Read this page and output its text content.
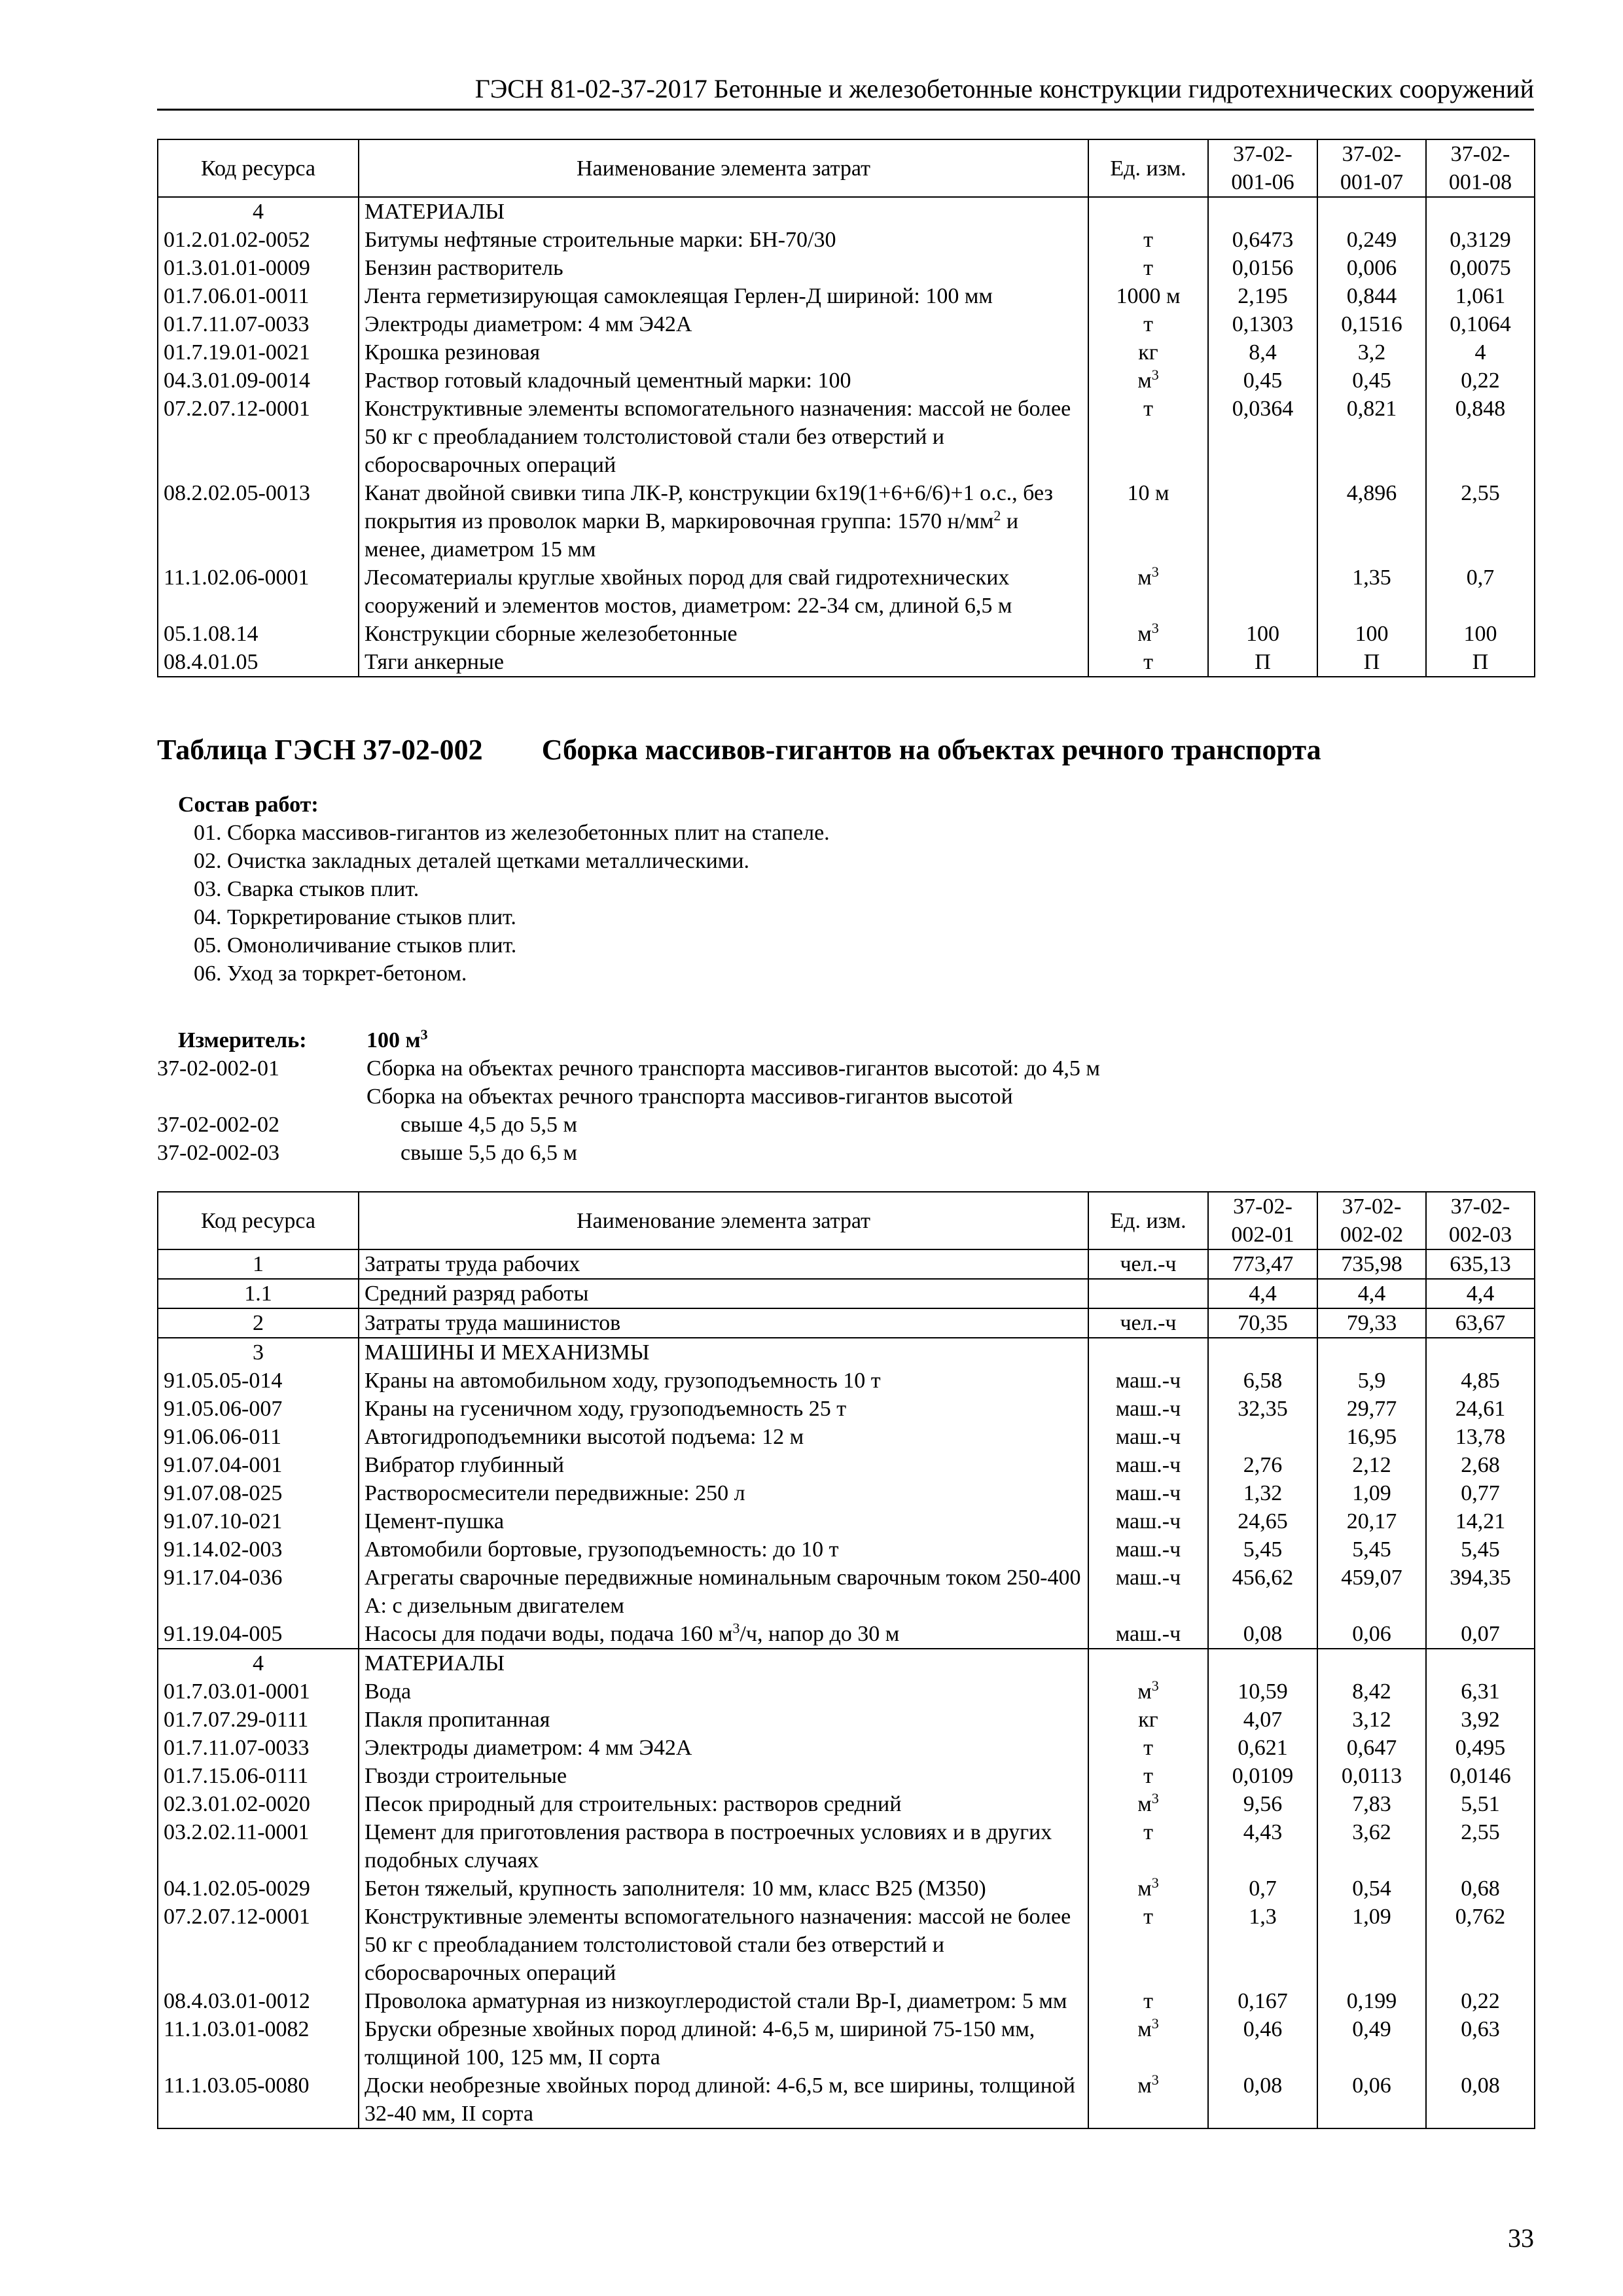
ГЭСН 81-02-37-2017 Бетонные и железобетонные конструкции гидротехнических сооружений
Код ресурса	Наименование элемента затрат	Ед. изм.	37-02-001-06	37-02-001-07	37-02-001-08
4	МАТЕРИАЛЫ				
01.2.01.02-0052	Битумы нефтяные строительные марки: БН-70/30	т	0,6473	0,249	0,3129
01.3.01.01-0009	Бензин растворитель	т	0,0156	0,006	0,0075
01.7.06.01-0011	Лента герметизирующая самоклеящая Герлен-Д шириной: 100 мм	1000 м	2,195	0,844	1,061
01.7.11.07-0033	Электроды диаметром: 4 мм Э42А	т	0,1303	0,1516	0,1064
01.7.19.01-0021	Крошка резиновая	кг	8,4	3,2	4
04.3.01.09-0014	Раствор готовый кладочный цементный марки: 100	$м^3$	0,45	0,45	0,22
07.2.07.12-0001	Конструктивные элементы вспомогательного назначения: массой не более 50 кг с преобладанием толстолистовой стали без отверстий и сборосварочных операций	т	0,0364	0,821	0,848
08.2.02.05-0013	Канат двойной свивки типа ЛК-Р, конструкции 6х19(1+6+6/6)+1 о.с., без покрытия из проволок марки В, маркировочная группа: 1570 $н/мм^2$ и менее, диаметром 15 мм	10 м		4,896	2,55
11.1.02.06-0001	Лесоматериалы круглые хвойных пород для свай гидротехнических сооружений и элементов мостов, диаметром: 22-34 см, длиной 6,5 м	$м^3$		1,35	0,7
05.1.08.14	Конструкции сборные железобетонные	$м^3$	100	100	100
08.4.01.05	Тяги анкерные	т	П	П	П
Таблица ГЭСН 37-02-002 Сборка массивов-гигантов на объектах речного транспорта
Состав работ:
01. Сборка массивов-гигантов из железобетонных плит на стапеле.
02. Очистка закладных деталей щетками металлическими.
03. Сварка стыков плит.
04. Торкретирование стыков плит.
05. Омоноличивание стыков плит.
06. Уход за торкрет-бетоном.
Измеритель:	100 $м^3$
37-02-002-01	Сборка на объектах речного транспорта массивов-гигантов высотой: до 4,5 м
Сборка на объектах речного транспорта массивов-гигантов высотой
37-02-002-02	свыше 4,5 до 5,5 м
37-02-002-03	свыше 5,5 до 6,5 м
Код ресурса	Наименование элемента затрат	Ед. изм.	37-02-002-01	37-02-002-02	37-02-002-03
1	Затраты труда рабочих	чел.-ч	773,47	735,98	635,13
1.1	Средний разряд работы		4,4	4,4	4,4
2	Затраты труда машинистов	чел.-ч	70,35	79,33	63,67
3	МАШИНЫ И МЕХАНИЗМЫ				
91.05.05-014	Краны на автомобильном ходу, грузоподъемность 10 т	маш.-ч	6,58	5,9	4,85
91.05.06-007	Краны на гусеничном ходу, грузоподъемность 25 т	маш.-ч	32,35	29,77	24,61
91.06.06-011	Автогидроподъемники высотой подъема: 12 м	маш.-ч		16,95	13,78
91.07.04-001	Вибратор глубинный	маш.-ч	2,76	2,12	2,68
91.07.08-025	Растворосмесители передвижные: 250 л	маш.-ч	1,32	1,09	0,77
91.07.10-021	Цемент-пушка	маш.-ч	24,65	20,17	14,21
91.14.02-003	Автомобили бортовые, грузоподъемность: до 10 т	маш.-ч	5,45	5,45	5,45
91.17.04-036	Агрегаты сварочные передвижные номинальным сварочным током 250-400 А: с дизельным двигателем	маш.-ч	456,62	459,07	394,35
91.19.04-005	Насосы для подачи воды, подача 160 $м^3/ч$, напор до 30 м	маш.-ч	0,08	0,06	0,07
4	МАТЕРИАЛЫ				
01.7.03.01-0001	Вода	$м^3$	10,59	8,42	6,31
01.7.07.29-0111	Пакля пропитанная	кг	4,07	3,12	3,92
01.7.11.07-0033	Электроды диаметром: 4 мм Э42А	т	0,621	0,647	0,495
01.7.15.06-0111	Гвозди строительные	т	0,0109	0,0113	0,0146
02.3.01.02-0020	Песок природный для строительных: растворов средний	$м^3$	9,56	7,83	5,51
03.2.02.11-0001	Цемент для приготовления раствора в построечных условиях и в других подобных случаях	т	4,43	3,62	2,55
04.1.02.05-0029	Бетон тяжелый, крупность заполнителя: 10 мм, класс В25 (М350)	$м^3$	0,7	0,54	0,68
07.2.07.12-0001	Конструктивные элементы вспомогательного назначения: массой не более 50 кг с преобладанием толстолистовой стали без отверстий и сборосварочных операций	т	1,3	1,09	0,762
08.4.03.01-0012	Проволока арматурная из низкоуглеродистой стали Вр-I, диаметром: 5 мм	т	0,167	0,199	0,22
11.1.03.01-0082	Бруски обрезные хвойных пород длиной: 4-6,5 м, шириной 75-150 мм, толщиной 100, 125 мм, II сорта	$м^3$	0,46	0,49	0,63
11.1.03.05-0080	Доски необрезные хвойных пород длиной: 4-6,5 м, все ширины, толщиной 32-40 мм, II сорта	$м^3$	0,08	0,06	0,08
33
